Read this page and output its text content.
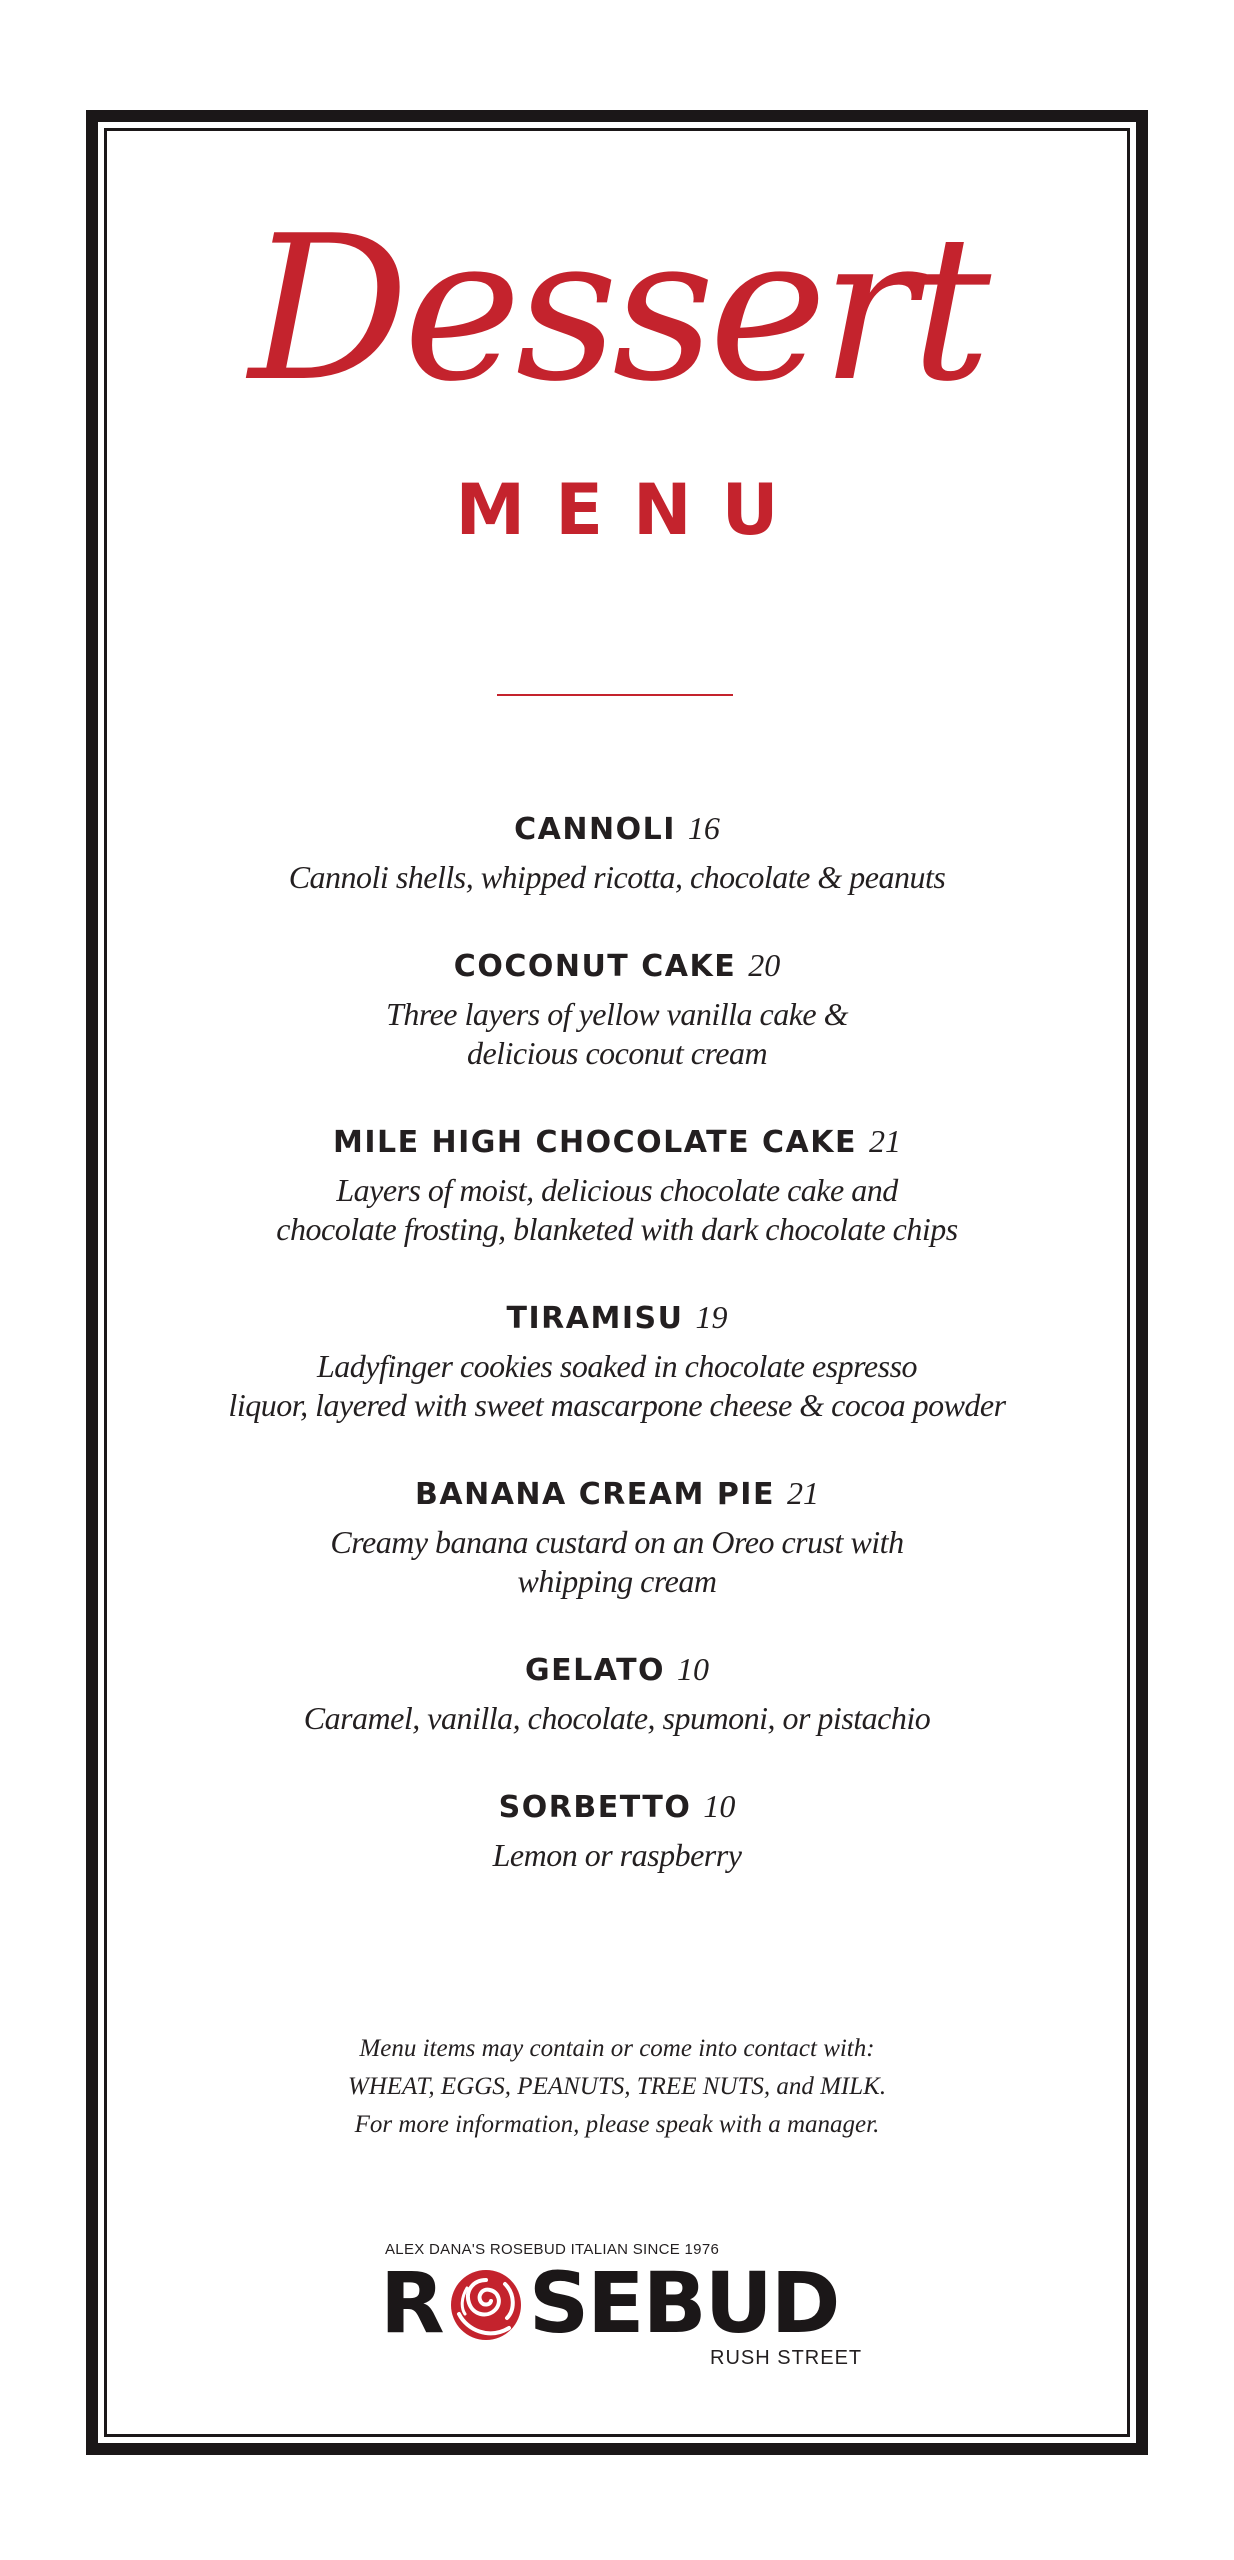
Dessert
MENU
CANNOLI 16
Cannoli shells, whipped ricotta, chocolate & peanuts
COCONUT CAKE 20
Three layers of yellow vanilla cake &
delicious coconut cream
MILE HIGH CHOCOLATE CAKE 21
Layers of moist, delicious chocolate cake and
chocolate frosting, blanketed with dark chocolate chips
TIRAMISU 19
Ladyfinger cookies soaked in chocolate espresso
liquor, layered with sweet mascarpone cheese & cocoa powder
BANANA CREAM PIE 21
Creamy banana custard on an Oreo crust with
whipping cream
GELATO 10
Caramel, vanilla, chocolate, spumoni, or pistachio
SORBETTO 10
Lemon or raspberry
Menu items may contain or come into contact with:
WHEAT, EGGS, PEANUTS, TREE NUTS, and MILK.
For more information, please speak with a manager.
ALEX DANA'S ROSEBUD ITALIAN SINCE 1976
R SEBUD
RUSH STREET
